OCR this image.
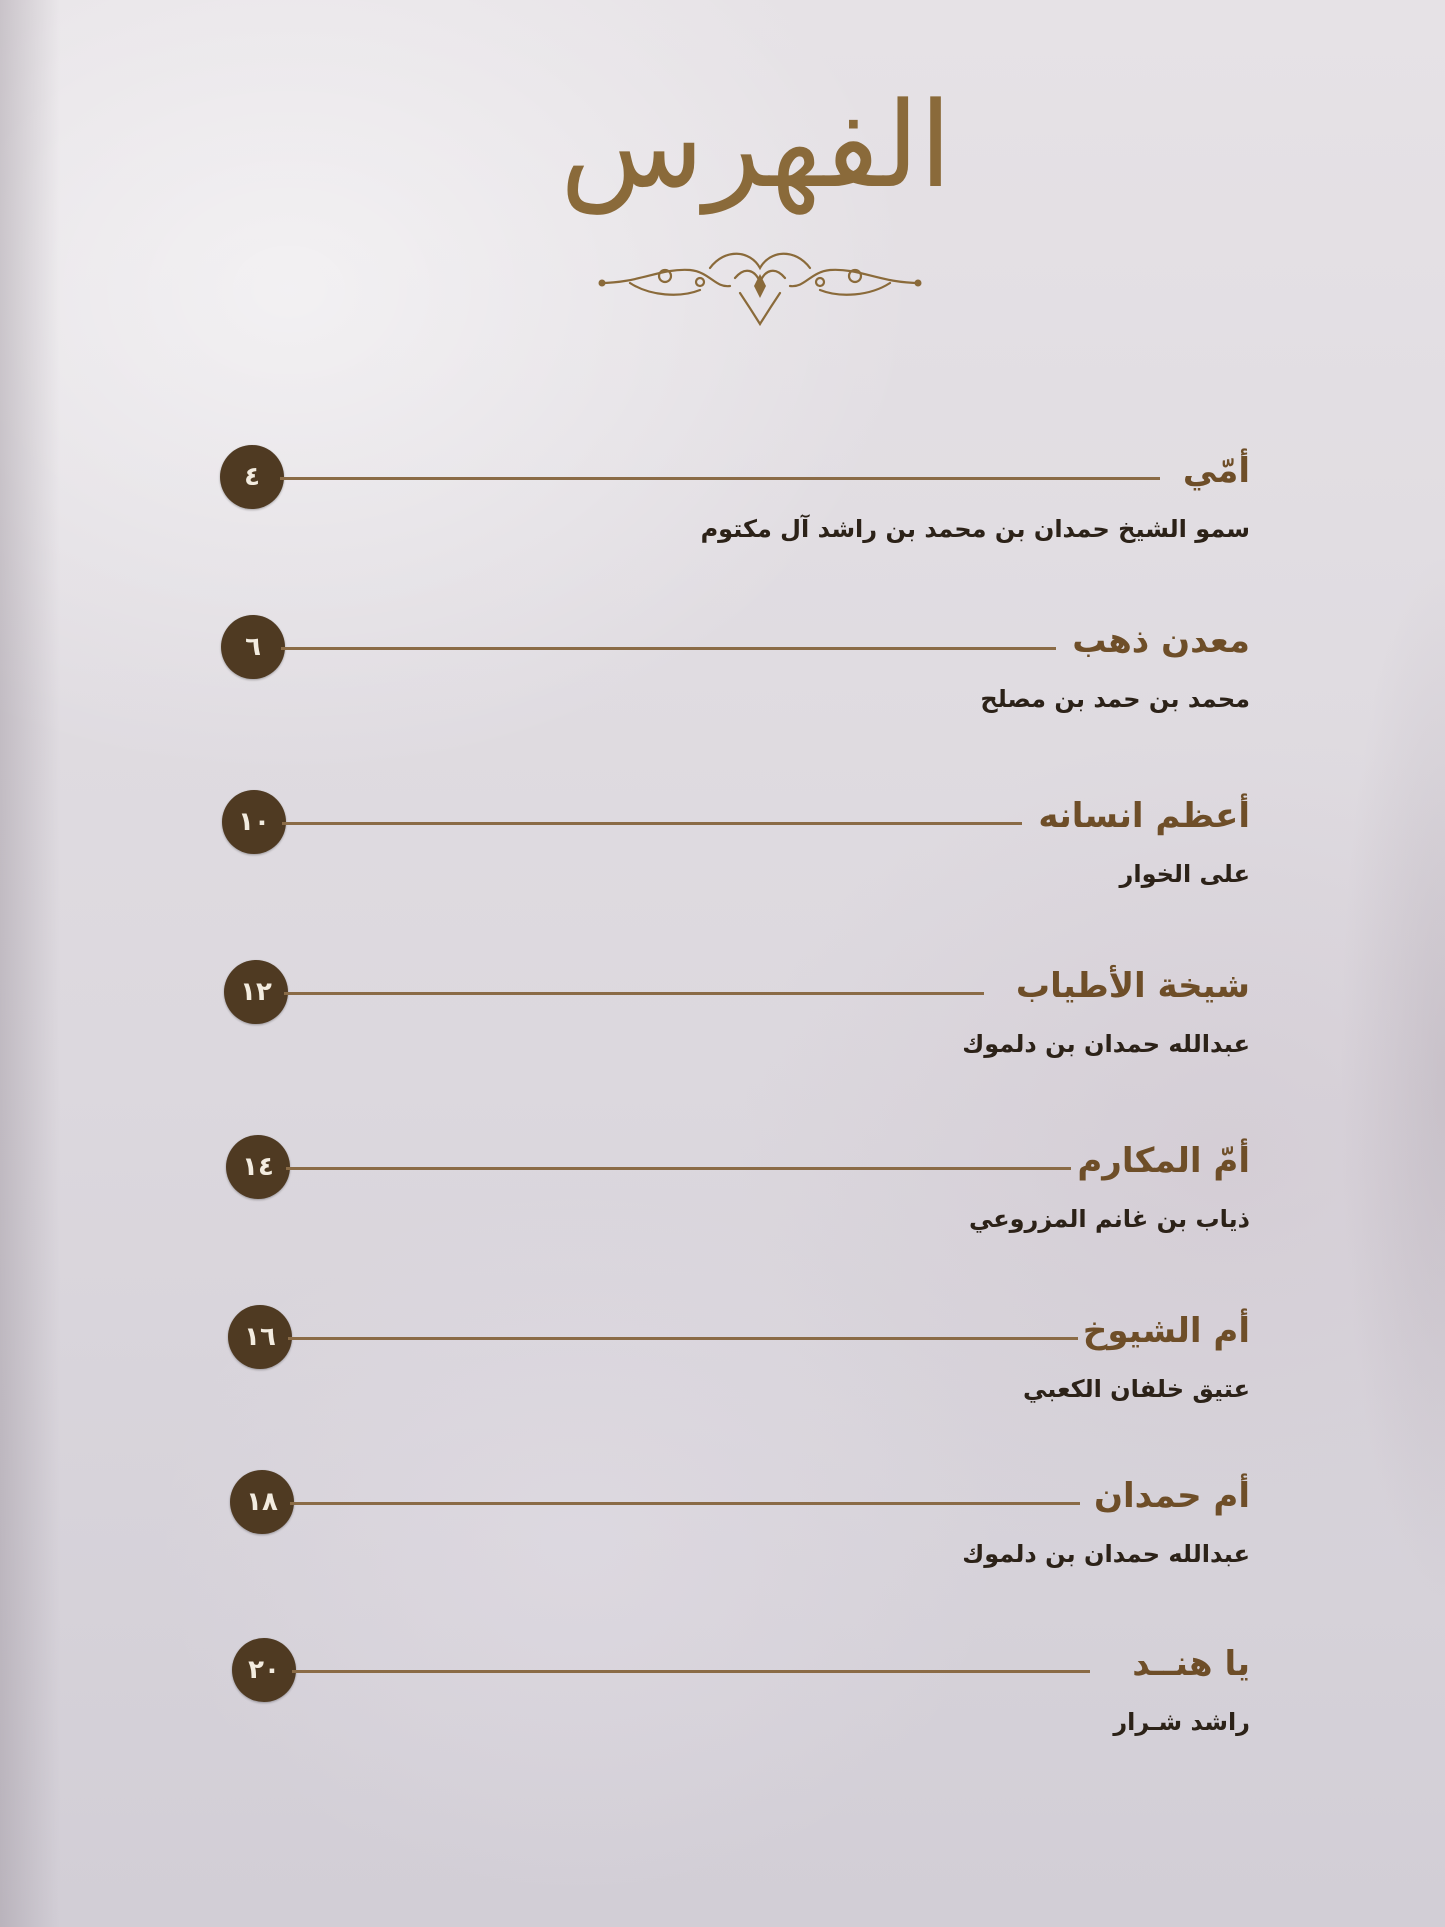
الفهرس
٤	أمّي
سمو الشيخ حمدان بن محمد بن راشد آل مكتوم
٦	معدن ذهب
محمد بن حمد بن مصلح
١٠	أعظم انسانه
على الخوار
١٢	شيخة الأطياب
عبدالله حمدان بن دلموك
١٤	أمّ المكارم
ذياب بن غانم المزروعي
١٦	أم الشيوخ
عتيق خلفان الكعبي
١٨	أم حمدان
عبدالله حمدان بن دلموك
٢٠	يا هنــد
راشد شـرار
